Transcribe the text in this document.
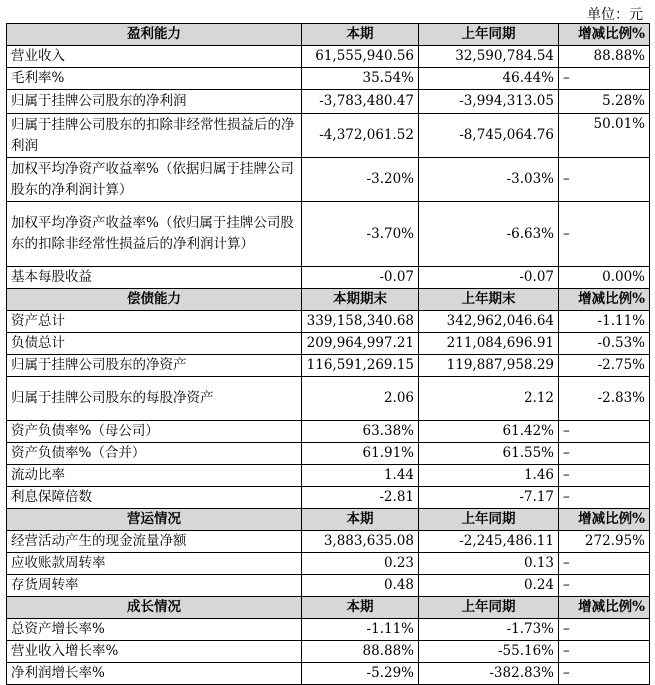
单位：元
盈利能力	本期	上年同期	增减比例%
营业收入	61,555,940.56	32,590,784.54	88.88%
毛利率%	35.54%	46.44%	–
归属于挂牌公司股东的净利润	-3,783,480.47	-3,994,313.05	5.28%
归属于挂牌公司股东的扣除非经常性损益后的净利润	-4,372,061.52	-8,745,064.76	50.01%
加权平均净资产收益率%（依据归属于挂牌公司股东的净利润计算）	-3.20%	-3.03%	–
加权平均净资产收益率%（依归属于挂牌公司股东的扣除非经常性损益后的净利润计算）	-3.70%	-6.63%	–
基本每股收益	-0.07	-0.07	0.00%
偿债能力	本期期末	上年期末	增减比例%
资产总计	339,158,340.68	342,962,046.64	-1.11%
负债总计	209,964,997.21	211,084,696.91	-0.53%
归属于挂牌公司股东的净资产	116,591,269.15	119,887,958.29	-2.75%
归属于挂牌公司股东的每股净资产	2.06	2.12	-2.83%
资产负债率%（母公司）	63.38%	61.42%	–
资产负债率%（合并）	61.91%	61.55%	–
流动比率	1.44	1.46	–
利息保障倍数	-2.81	-7.17	–
营运情况	本期	上年同期	增减比例%
经营活动产生的现金流量净额	3,883,635.08	-2,245,486.11	272.95%
应收账款周转率	0.23	0.13	–
存货周转率	0.48	0.24	–
成长情况	本期	上年同期	增减比例%
总资产增长率%	-1.11%	-1.73%	–
营业收入增长率%	88.88%	-55.16%	–
净利润增长率%	-5.29%	-382.83%	–
